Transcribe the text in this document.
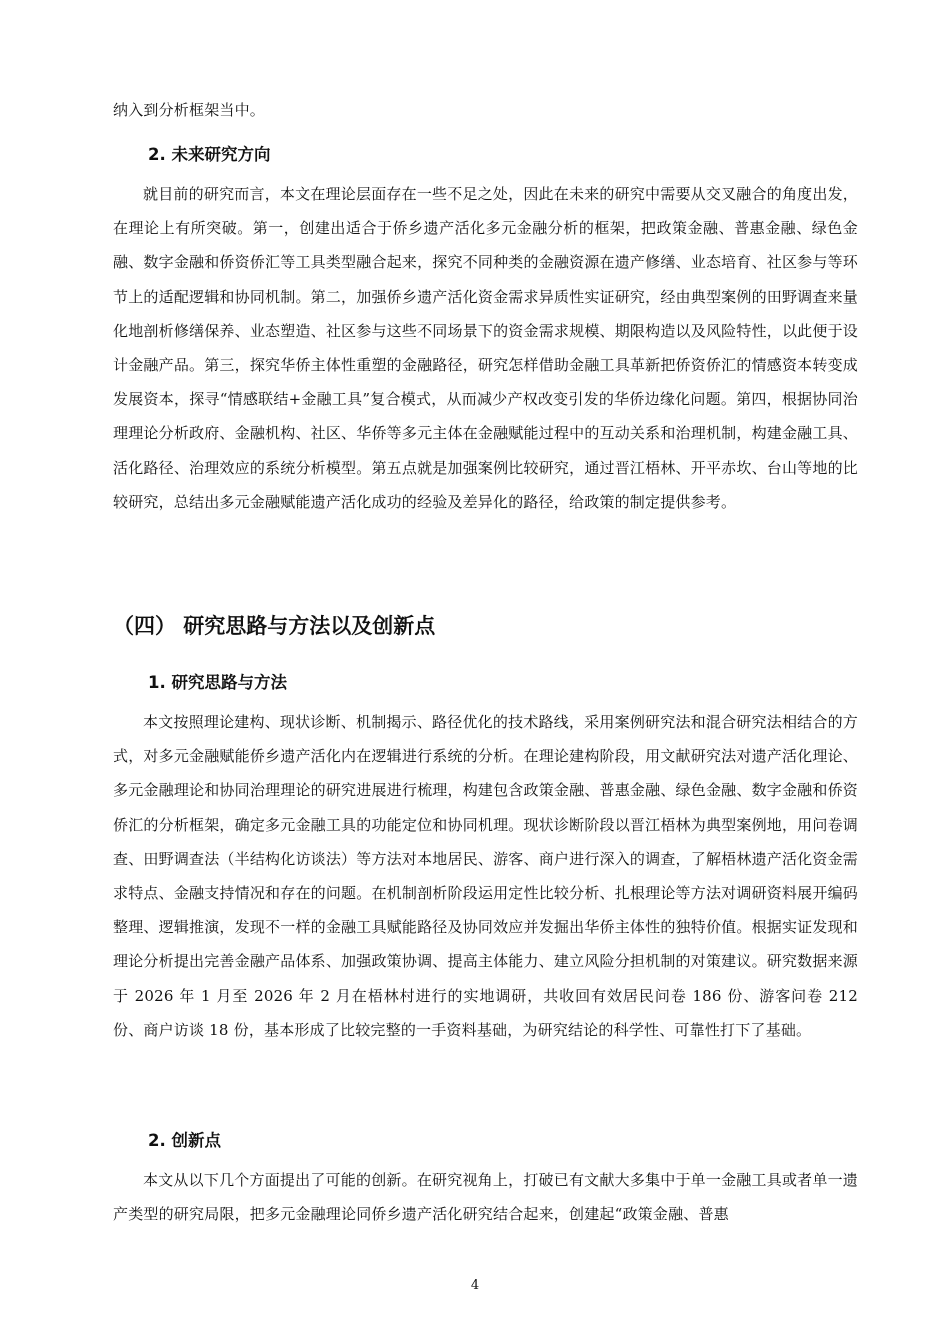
纳入到分析框架当中。

2. 未来研究方向

就目前的研究而言，本文在理论层面存在一些不足之处，因此在未来的研究中需要从交叉融合的角度出发，在理论上有所突破。第一，创建出适合于侨乡遗产活化多元金融分析的框架，把政策金融、普惠金融、绿色金融、数字金融和侨资侨汇等工具类型融合起来，探究不同种类的金融资源在遗产修缮、业态培育、社区参与等环节上的适配逻辑和协同机制。第二，加强侨乡遗产活化资金需求异质性实证研究，经由典型案例的田野调查来量化地剖析修缮保养、业态塑造、社区参与这些不同场景下的资金需求规模、期限构造以及风险特性，以此便于设计金融产品。第三，探究华侨主体性重塑的金融路径，研究怎样借助金融工具革新把侨资侨汇的情感资本转变成发展资本，探寻“情感联结+金融工具”复合模式，从而减少产权改变引发的华侨边缘化问题。第四，根据协同治理理论分析政府、金融机构、社区、华侨等多元主体在金融赋能过程中的互动关系和治理机制，构建金融工具、活化路径、治理效应的系统分析模型。第五点就是加强案例比较研究，通过晋江梧林、开平赤坎、台山等地的比较研究，总结出多元金融赋能遗产活化成功的经验及差异化的路径，给政策的制定提供参考。

（四） 研究思路与方法以及创新点
1. 研究思路与方法

本文按照理论建构、现状诊断、机制揭示、路径优化的技术路线，采用案例研究法和混合研究法相结合的方式，对多元金融赋能侨乡遗产活化内在逻辑进行系统的分析。在理论建构阶段，用文献研究法对遗产活化理论、多元金融理论和协同治理理论的研究进展进行梳理，构建包含政策金融、普惠金融、绿色金融、数字金融和侨资侨汇的分析框架，确定多元金融工具的功能定位和协同机理。现状诊断阶段以晋江梧林为典型案例地，用问卷调查、田野调查法（半结构化访谈法）等方法对本地居民、游客、商户进行深入的调查，了解梧林遗产活化资金需求特点、金融支持情况和存在的问题。在机制剖析阶段运用定性比较分析、扎根理论等方法对调研资料展开编码整理、逻辑推演，发现不一样的金融工具赋能路径及协同效应并发掘出华侨主体性的独特价值。根据实证发现和理论分析提出完善金融产品体系、加强政策协调、提高主体能力、建立风险分担机制的对策建议。研究数据来源于 2026 年 1 月至 2026 年 2 月在梧林村进行的实地调研，共收回有效居民问卷 186 份、游客问卷 212 份、商户访谈 18 份，基本形成了比较完整的一手资料基础，为研究结论的科学性、可靠性打下了基础。

2. 创新点

本文从以下几个方面提出了可能的创新。在研究视角上，打破已有文献大多集中于单一金融工具或者单一遗产类型的研究局限，把多元金融理论同侨乡遗产活化研究结合起来，创建起“政策金融、普惠

4
